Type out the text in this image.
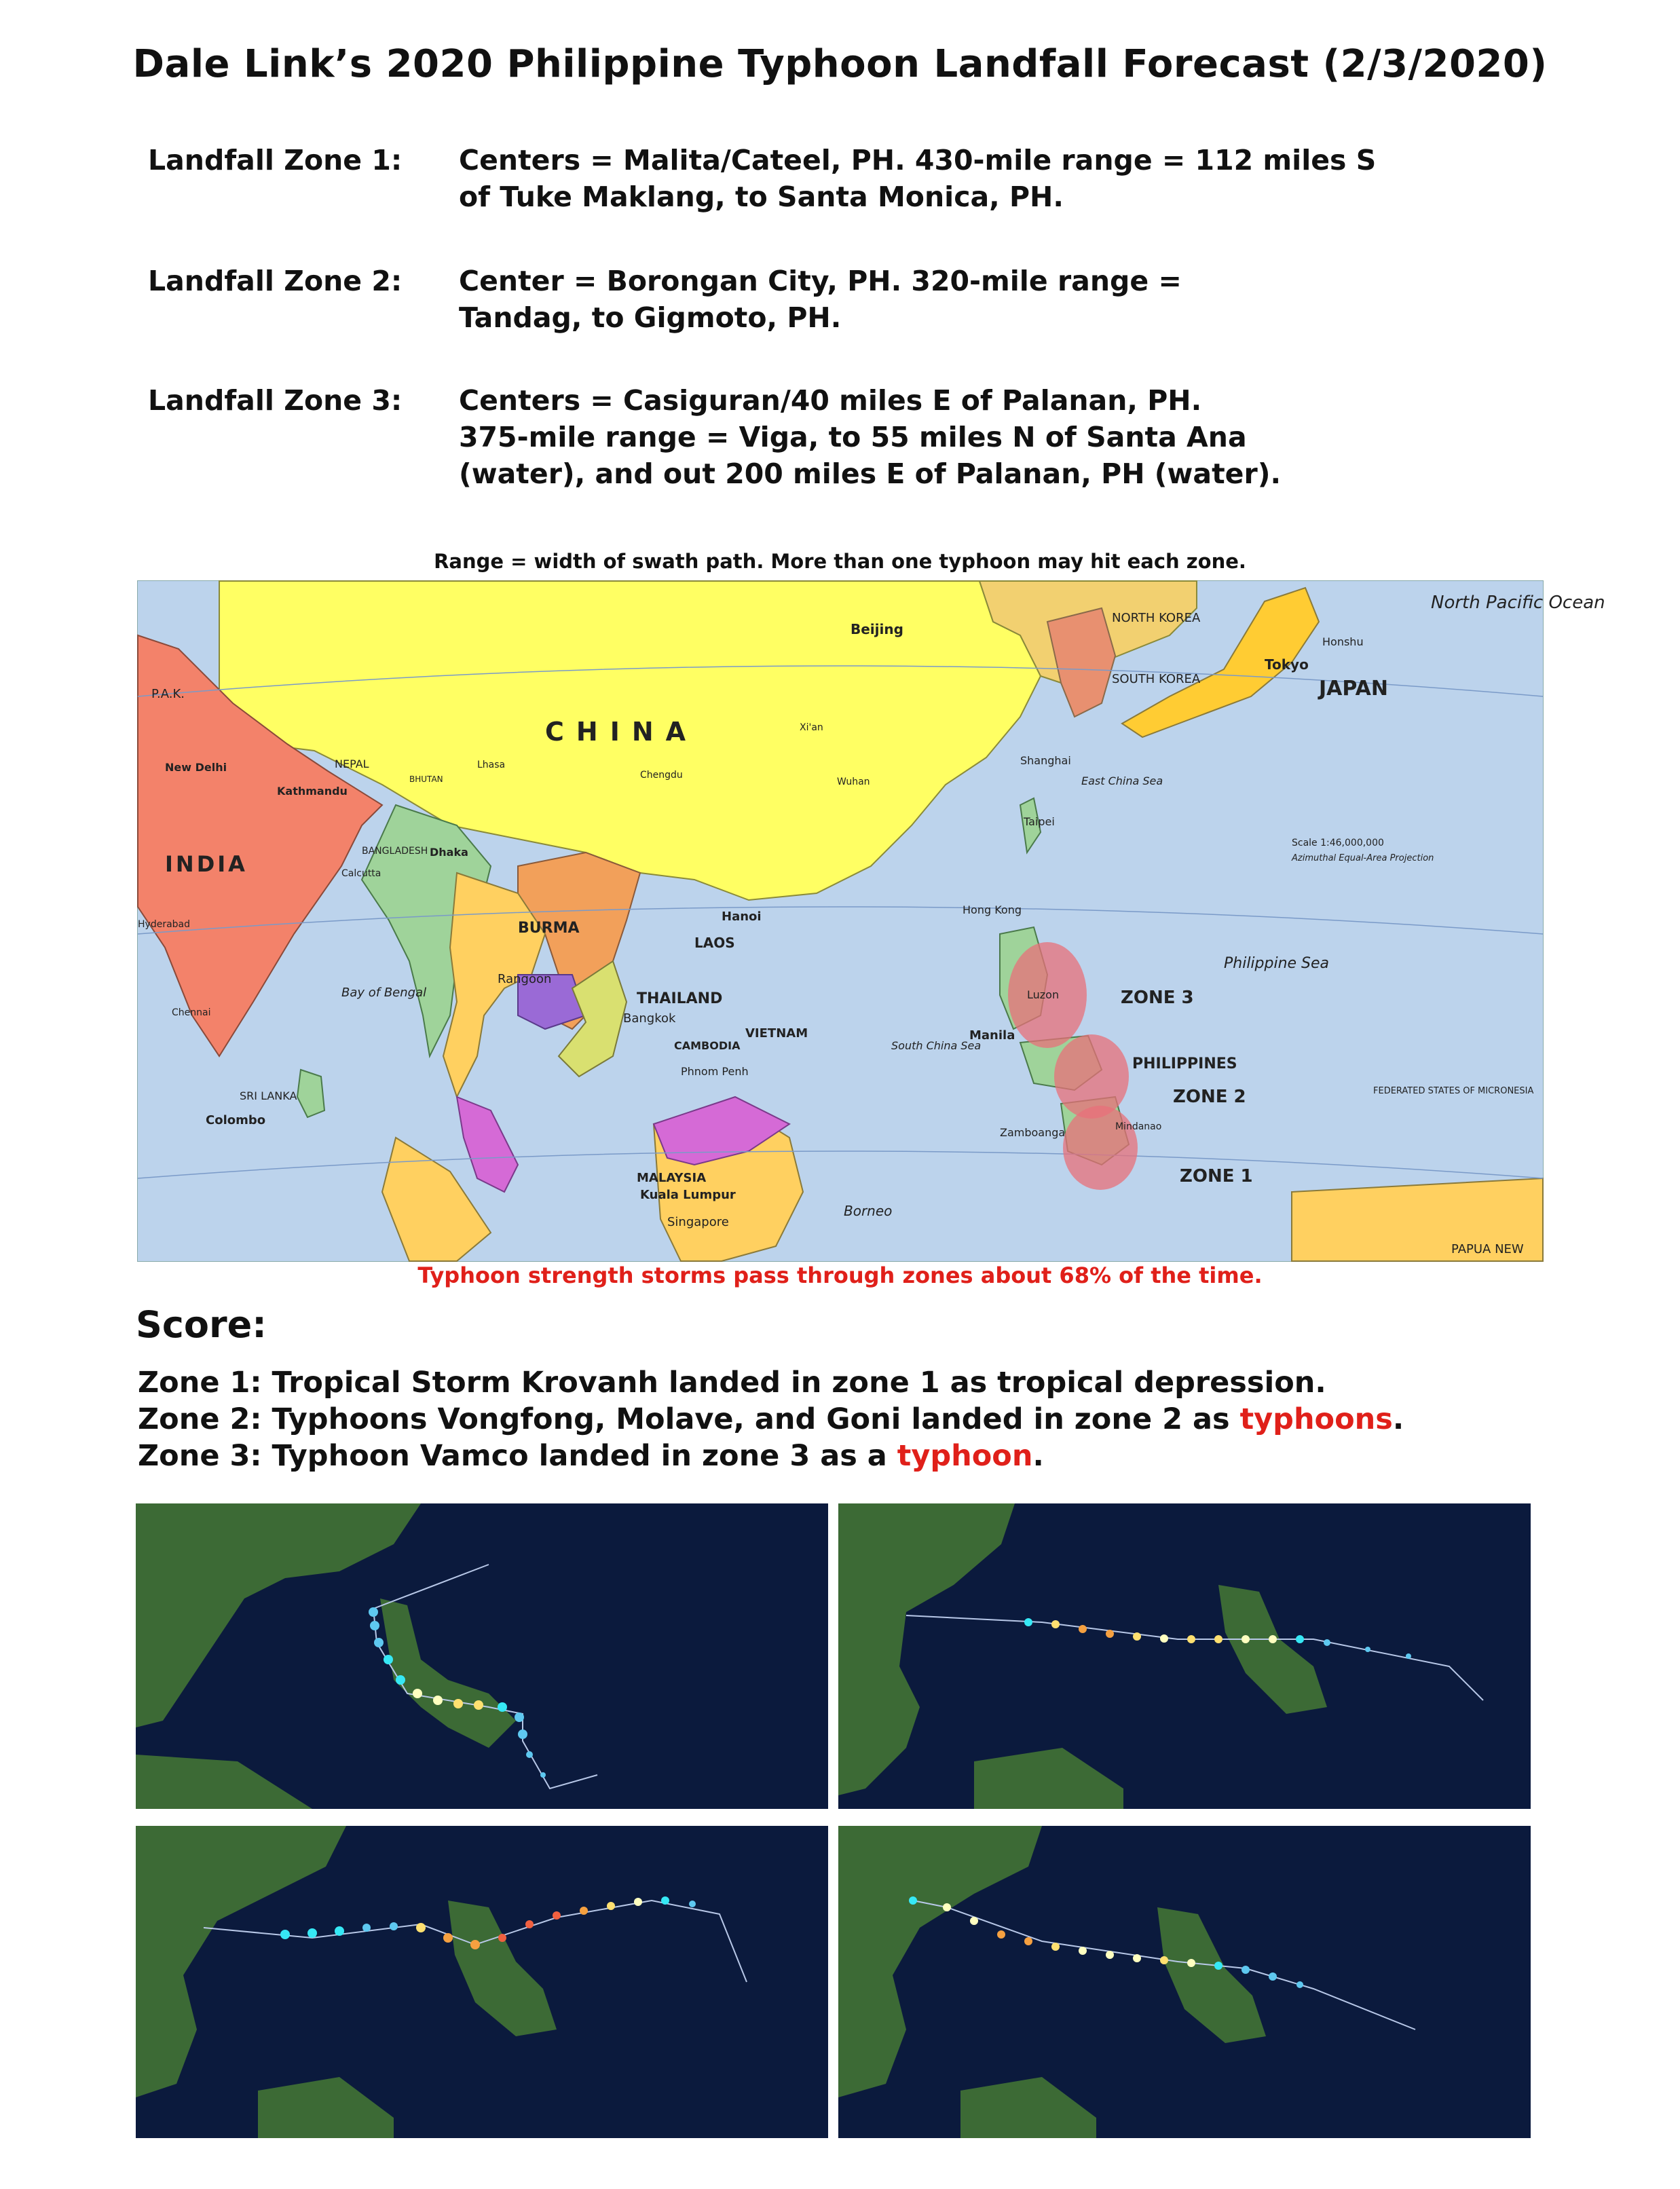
Dale Link’s 2020 Philippine Typhoon Landfall Forecast (2/3/2020)
Landfall Zone 1: Centers = Malita/Cateel, PH. 430-mile range = 112 miles S
of Tuke Maklang, to Santa Monica, PH.
Landfall Zone 2: Center = Borongan City, PH. 320-mile range =
Tandag, to Gigmoto, PH.
Landfall Zone 3: Centers = Casiguran/40 miles E of Palanan, PH.
375-mile range = Viga, to 55 miles N of Santa Ana
(water), and out 200 miles E of Palanan, PH (water).
Range = width of swath path. More than one typhoon may hit each zone.
CHINA
INDIA
BURMA
THAILAND
LAOS
VIETNAM
CAMBODIA
MALAYSIA
PHILIPPINES
JAPAN
NEPAL
BHUTAN
BANGLADESH
SRI LANKA
SOUTH KOREA
NORTH KOREA
P.A.K.
PAPUA NEW
Beijing
Tokyo
Honshu
Shanghai
Taipei
Hong Kong
Hanoi
Rangoon
Bangkok
Phnom Penh
Kuala Lumpur
Singapore
Manila
Zamboanga
Colombo
New Delhi
Kathmandu
Dhaka
Calcutta
Chennai
Hyderabad
Xi'an
Chengdu
Wuhan
Lhasa
Luzon
Mindanao
North Pacific Ocean
Philippine Sea
South China Sea
East China Sea
Bay of Bengal
Borneo
FEDERATED STATES OF MICRONESIA
Scale 1:46,000,000
Azimuthal Equal-Area Projection
ZONE 3
ZONE 2
ZONE 1
Typhoon strength storms pass through zones about 68% of the time.
Score:
Zone 1: Tropical Storm Krovanh landed in zone 1 as tropical depression.
Zone 2: Typhoons Vongfong, Molave, and Goni landed in zone 2 as typhoons.
Zone 3: Typhoon Vamco landed in zone 3 as a typhoon.
